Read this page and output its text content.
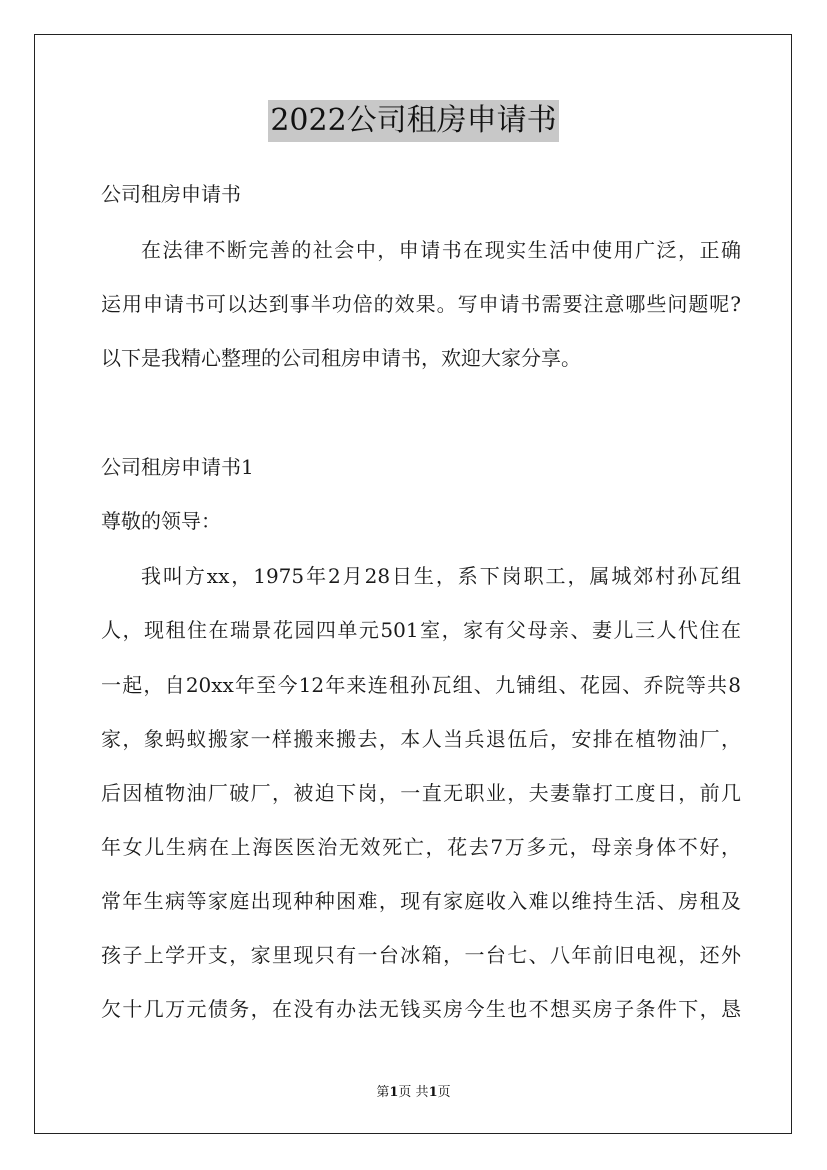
2022公司租房申请书
公司租房申请书
在法律不断完善的社会中，申请书在现实生活中使用广泛，正确
运用申请书可以达到事半功倍的效果。写申请书需要注意哪些问题呢?
以下是我精心整理的公司租房申请书，欢迎大家分享。
公司租房申请书1
尊敬的领导：
我叫方xx，1975年2月28日生，系下岗职工，属城郊村孙瓦组
人，现租住在瑞景花园四单元501室，家有父母亲、妻儿三人代住在
一起，自20xx年至今12年来连租孙瓦组、九铺组、花园、乔院等共8
家，象蚂蚁搬家一样搬来搬去，本人当兵退伍后，安排在植物油厂，
后因植物油厂破厂，被迫下岗，一直无职业，夫妻靠打工度日，前几
年女儿生病在上海医医治无效死亡，花去7万多元，母亲身体不好，
常年生病等家庭出现种种困难，现有家庭收入难以维持生活、房租及
孩子上学开支，家里现只有一台冰箱，一台七、八年前旧电视，还外
欠十几万元债务，在没有办法无钱买房今生也不想买房子条件下，恳
第1页 共1页
